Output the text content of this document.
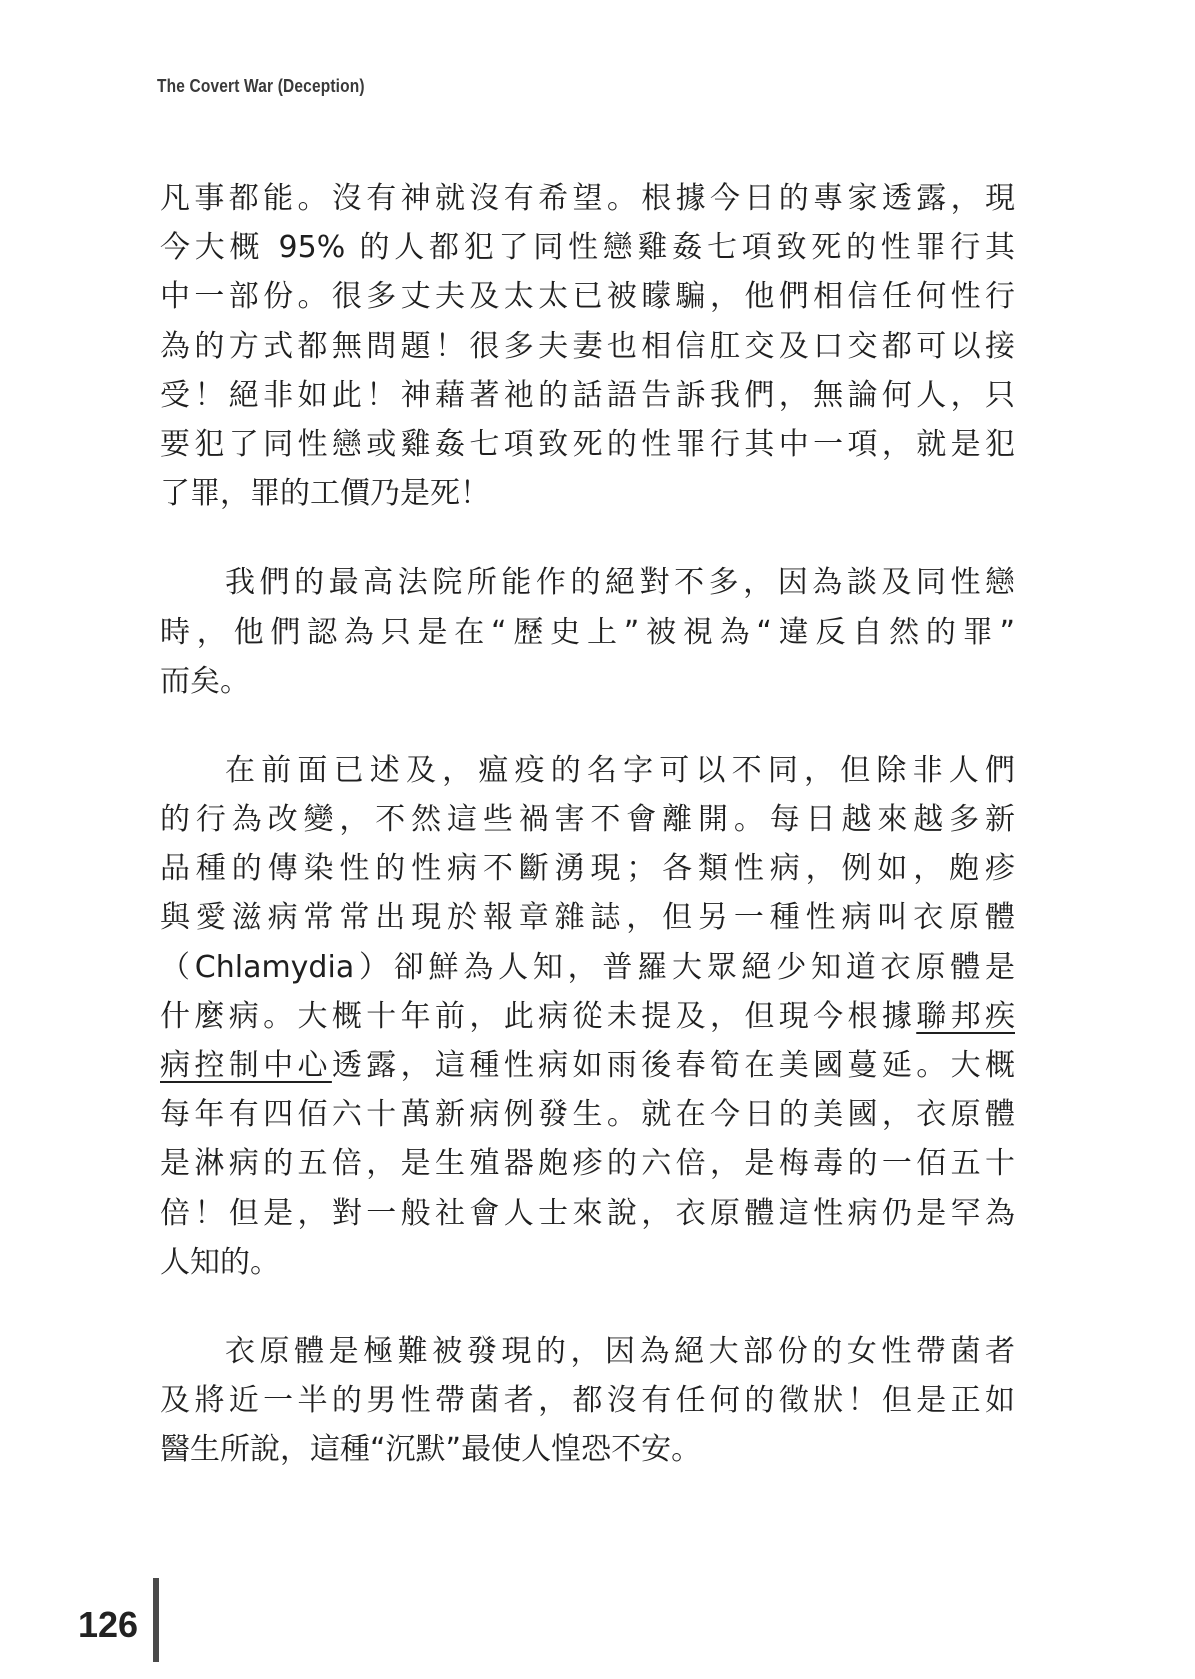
The Covert War (Deception)

凡事都能。沒有神就沒有希望。根據今日的專家透露，現
今大概 95% 的人都犯了同性戀雞姦七項致死的性罪行其
中一部份。很多丈夫及太太已被矇騙，他們相信任何性行
為的方式都無問題！很多夫妻也相信肛交及口交都可以接
受！絕非如此！神藉著祂的話語告訴我們，無論何人，只
要犯了同性戀或雞姦七項致死的性罪行其中一項，就是犯
了罪，罪的工價乃是死！

我們的最高法院所能作的絕對不多，因為談及同性戀
時，他們認為只是在“歷史上”被視為“違反自然的罪”
而矣。

在前面已述及，瘟疫的名字可以不同，但除非人們
的行為改變，不然這些禍害不會離開。每日越來越多新
品種的傳染性的性病不斷湧現；各類性病，例如，皰疹
與愛滋病常常出現於報章雜誌，但另一種性病叫衣原體
（Chlamydia）卻鮮為人知，普羅大眾絕少知道衣原體是
什麼病。大概十年前，此病從未提及，但現今根據聯邦疾
病控制中心透露，這種性病如雨後春筍在美國蔓延。大概
每年有四佰六十萬新病例發生。就在今日的美國，衣原體
是淋病的五倍，是生殖器皰疹的六倍，是梅毒的一佰五十
倍！但是，對一般社會人士來說，衣原體這性病仍是罕為
人知的。

衣原體是極難被發現的，因為絕大部份的女性帶菌者
及將近一半的男性帶菌者，都沒有任何的徵狀！但是正如
醫生所說，這種“沉默”最使人惶恐不安。

126
